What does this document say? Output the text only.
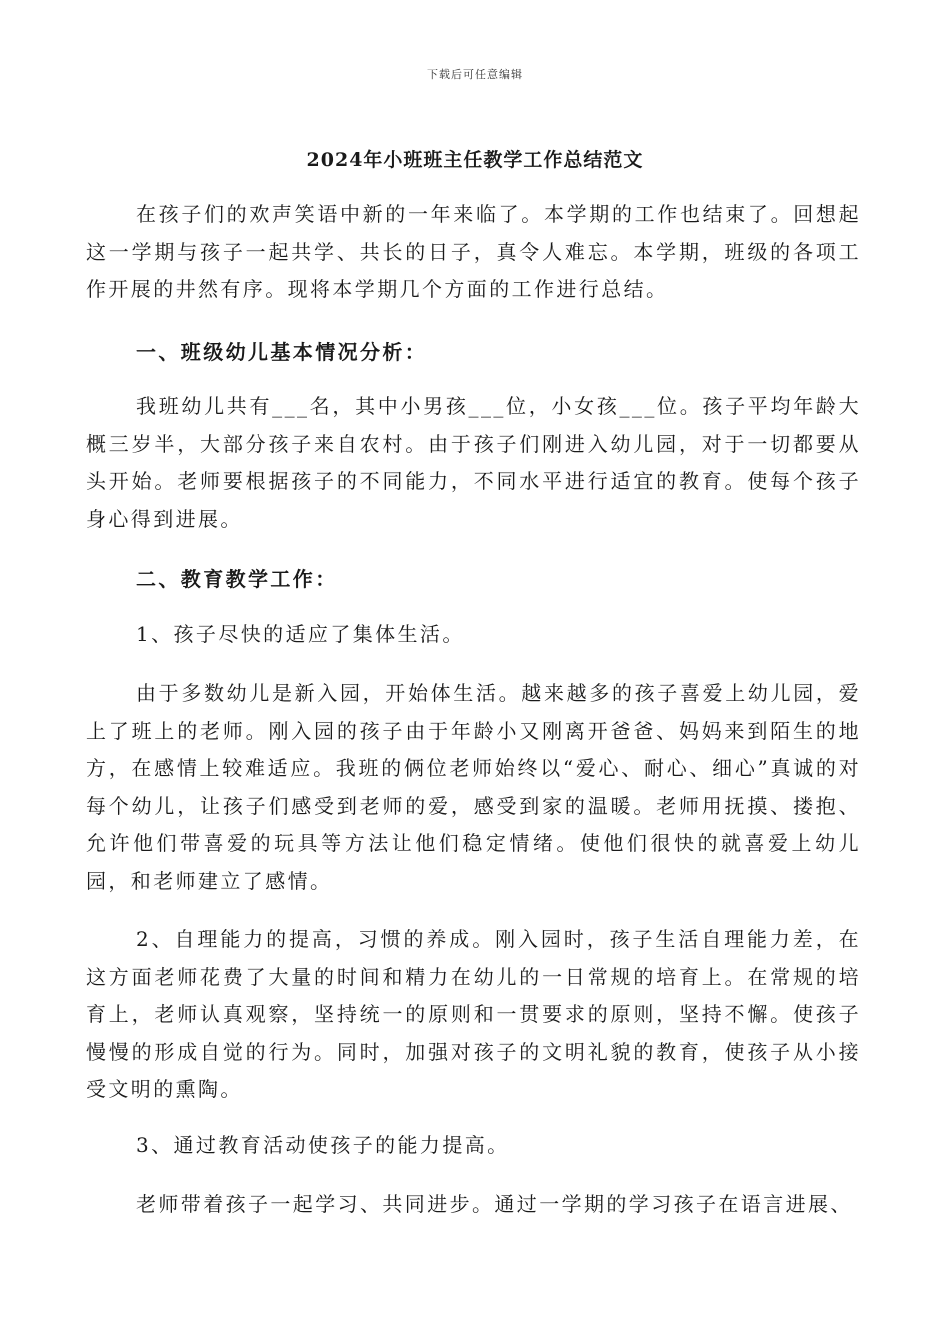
下载后可任意编辑
2024年小班班主任教学工作总结范文

在孩子们的欢声笑语中新的一年来临了。本学期的工作也结束了。回想起这一学期与孩子一起共学、共长的日子，真令人难忘。本学期，班级的各项工作开展的井然有序。现将本学期几个方面的工作进行总结。

一、班级幼儿基本情况分析：

我班幼儿共有___名，其中小男孩___位，小女孩___位。孩子平均年龄大概三岁半，大部分孩子来自农村。由于孩子们刚进入幼儿园，对于一切都要从头开始。老师要根据孩子的不同能力，不同水平进行适宜的教育。使每个孩子身心得到进展。

二、教育教学工作：

1、孩子尽快的适应了集体生活。

由于多数幼儿是新入园，开始体生活。越来越多的孩子喜爱上幼儿园，爱上了班上的老师。刚入园的孩子由于年龄小又刚离开爸爸、妈妈来到陌生的地方，在感情上较难适应。我班的俩位老师始终以“爱心、耐心、细心”真诚的对每个幼儿，让孩子们感受到老师的爱，感受到家的温暖。老师用抚摸、搂抱、允许他们带喜爱的玩具等方法让他们稳定情绪。使他们很快的就喜爱上幼儿园，和老师建立了感情。

2、自理能力的提高，习惯的养成。刚入园时，孩子生活自理能力差，在这方面老师花费了大量的时间和精力在幼儿的一日常规的培育上。在常规的培育上，老师认真观察，坚持统一的原则和一贯要求的原则，坚持不懈。使孩子慢慢的形成自觉的行为。同时，加强对孩子的文明礼貌的教育，使孩子从小接受文明的熏陶。

3、通过教育活动使孩子的能力提高。

老师带着孩子一起学习、共同进步。通过一学期的学习孩子在语言进展、
